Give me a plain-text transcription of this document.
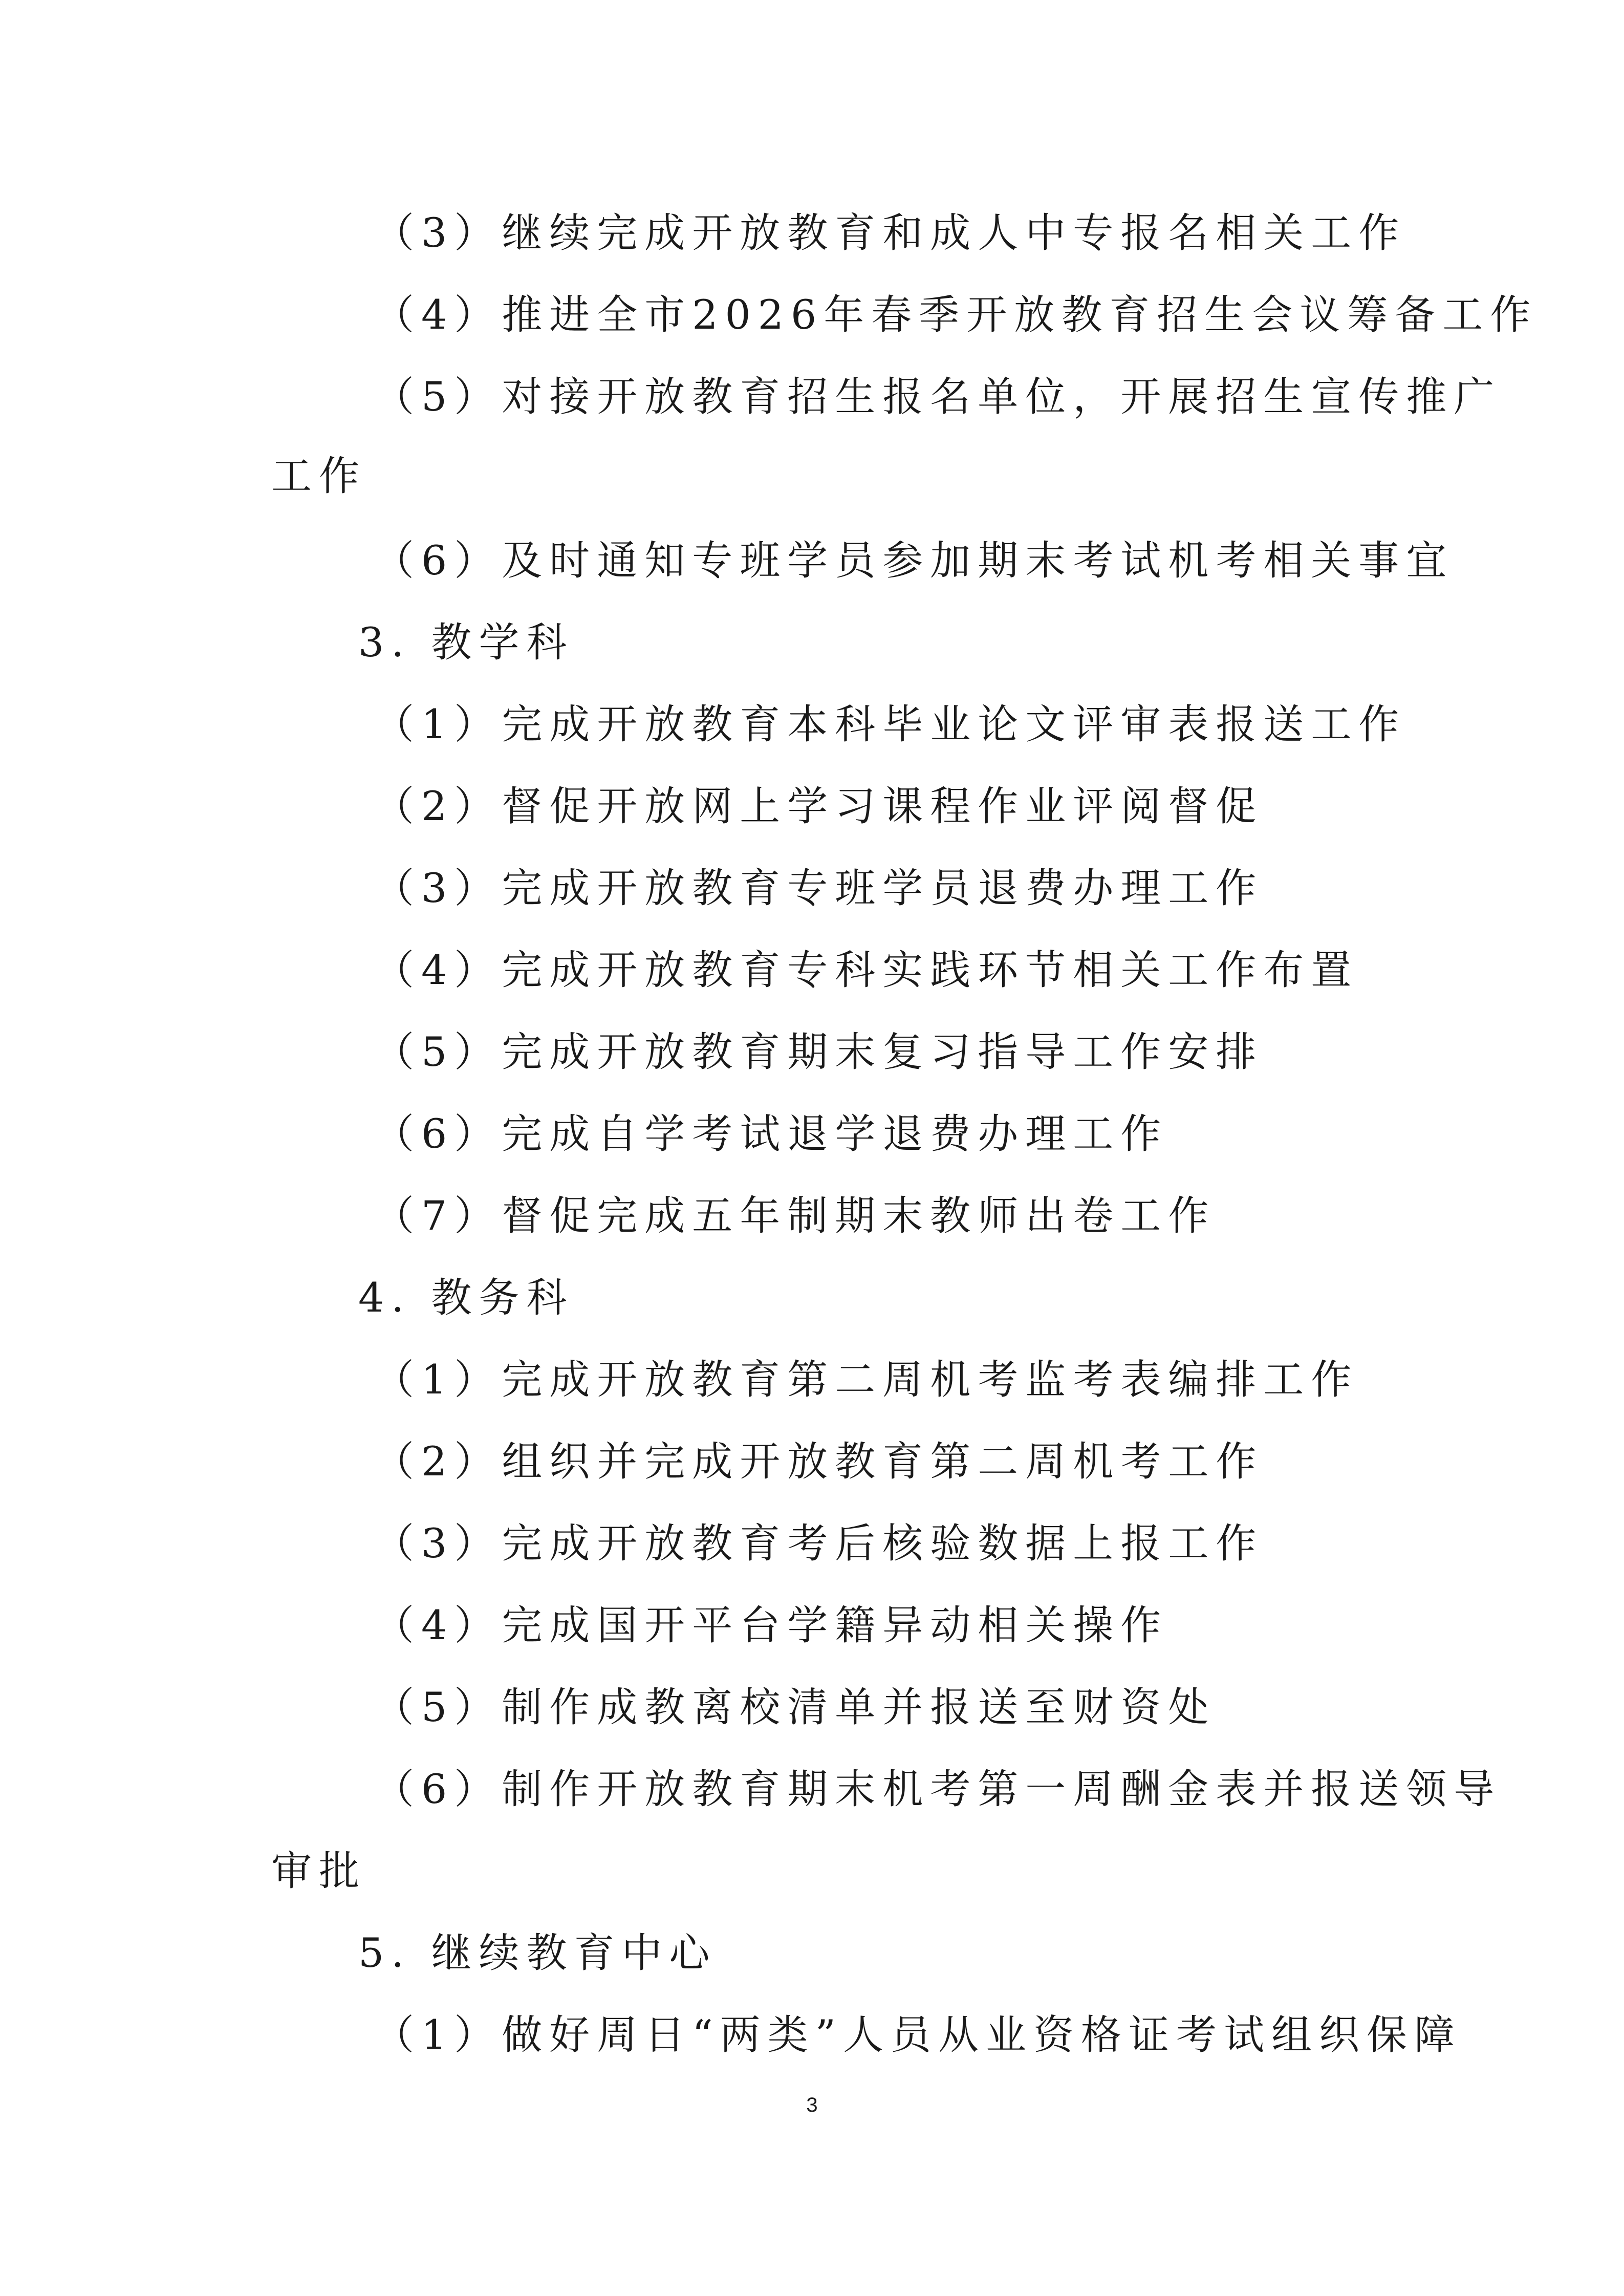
（3）继续完成开放教育和成人中专报名相关工作
（4）推进全市2026年春季开放教育招生会议筹备工作
（5）对接开放教育招生报名单位，开展招生宣传推广
工作
（6）及时通知专班学员参加期末考试机考相关事宜
3. 教学科
（1）完成开放教育本科毕业论文评审表报送工作
（2）督促开放网上学习课程作业评阅督促
（3）完成开放教育专班学员退费办理工作
（4）完成开放教育专科实践环节相关工作布置
（5）完成开放教育期末复习指导工作安排
（6）完成自学考试退学退费办理工作
（7）督促完成五年制期末教师出卷工作
4. 教务科
（1）完成开放教育第二周机考监考表编排工作
（2）组织并完成开放教育第二周机考工作
（3）完成开放教育考后核验数据上报工作
（4）完成国开平台学籍异动相关操作
（5）制作成教离校清单并报送至财资处
（6）制作开放教育期末机考第一周酬金表并报送领导
审批
5. 继续教育中心
（1）做好周日“两类”人员从业资格证考试组织保障
3
